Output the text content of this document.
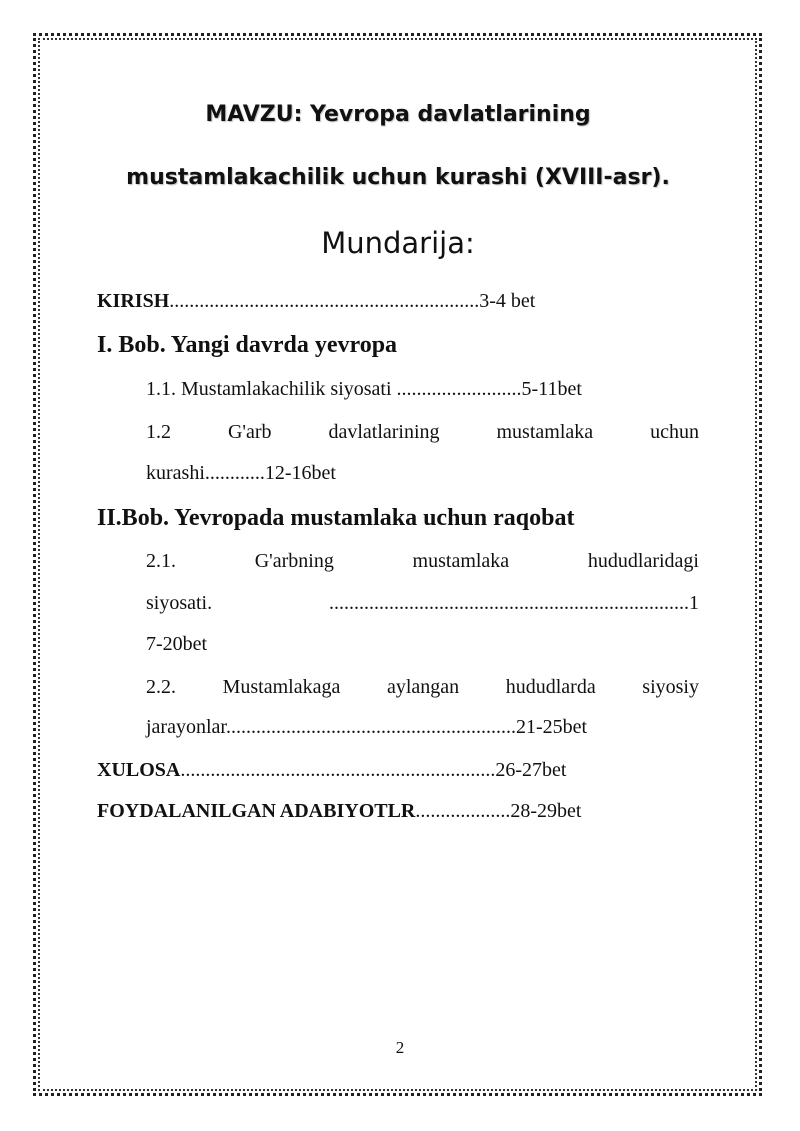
MAVZU: Yevropa davlatlarining
mustamlakachilik uchun kurashi (XVIII-asr).
Mundarija:
KIRISH..............................................................3-4 bet
I. Bob. Yangi davrda yevropa
1.1. Mustamlakachilik siyosati .........................5-11bet
1.2	G'arb	davlatlarining	mustamlaka	uchun
kurashi............12-16bet
II.Bob. Yevropada mustamlaka uchun raqobat
2.1.	G'arbning	mustamlaka	hududlaridagi
siyosati.	........................................................................1
7-20bet
2.2. Mustamlakaga aylangan hududlarda siyosiy
jarayonlar..........................................................21-25bet
XULOSA...............................................................26-27bet
FOYDALANILGAN ADABIYOTLR...................28-29bet
2
